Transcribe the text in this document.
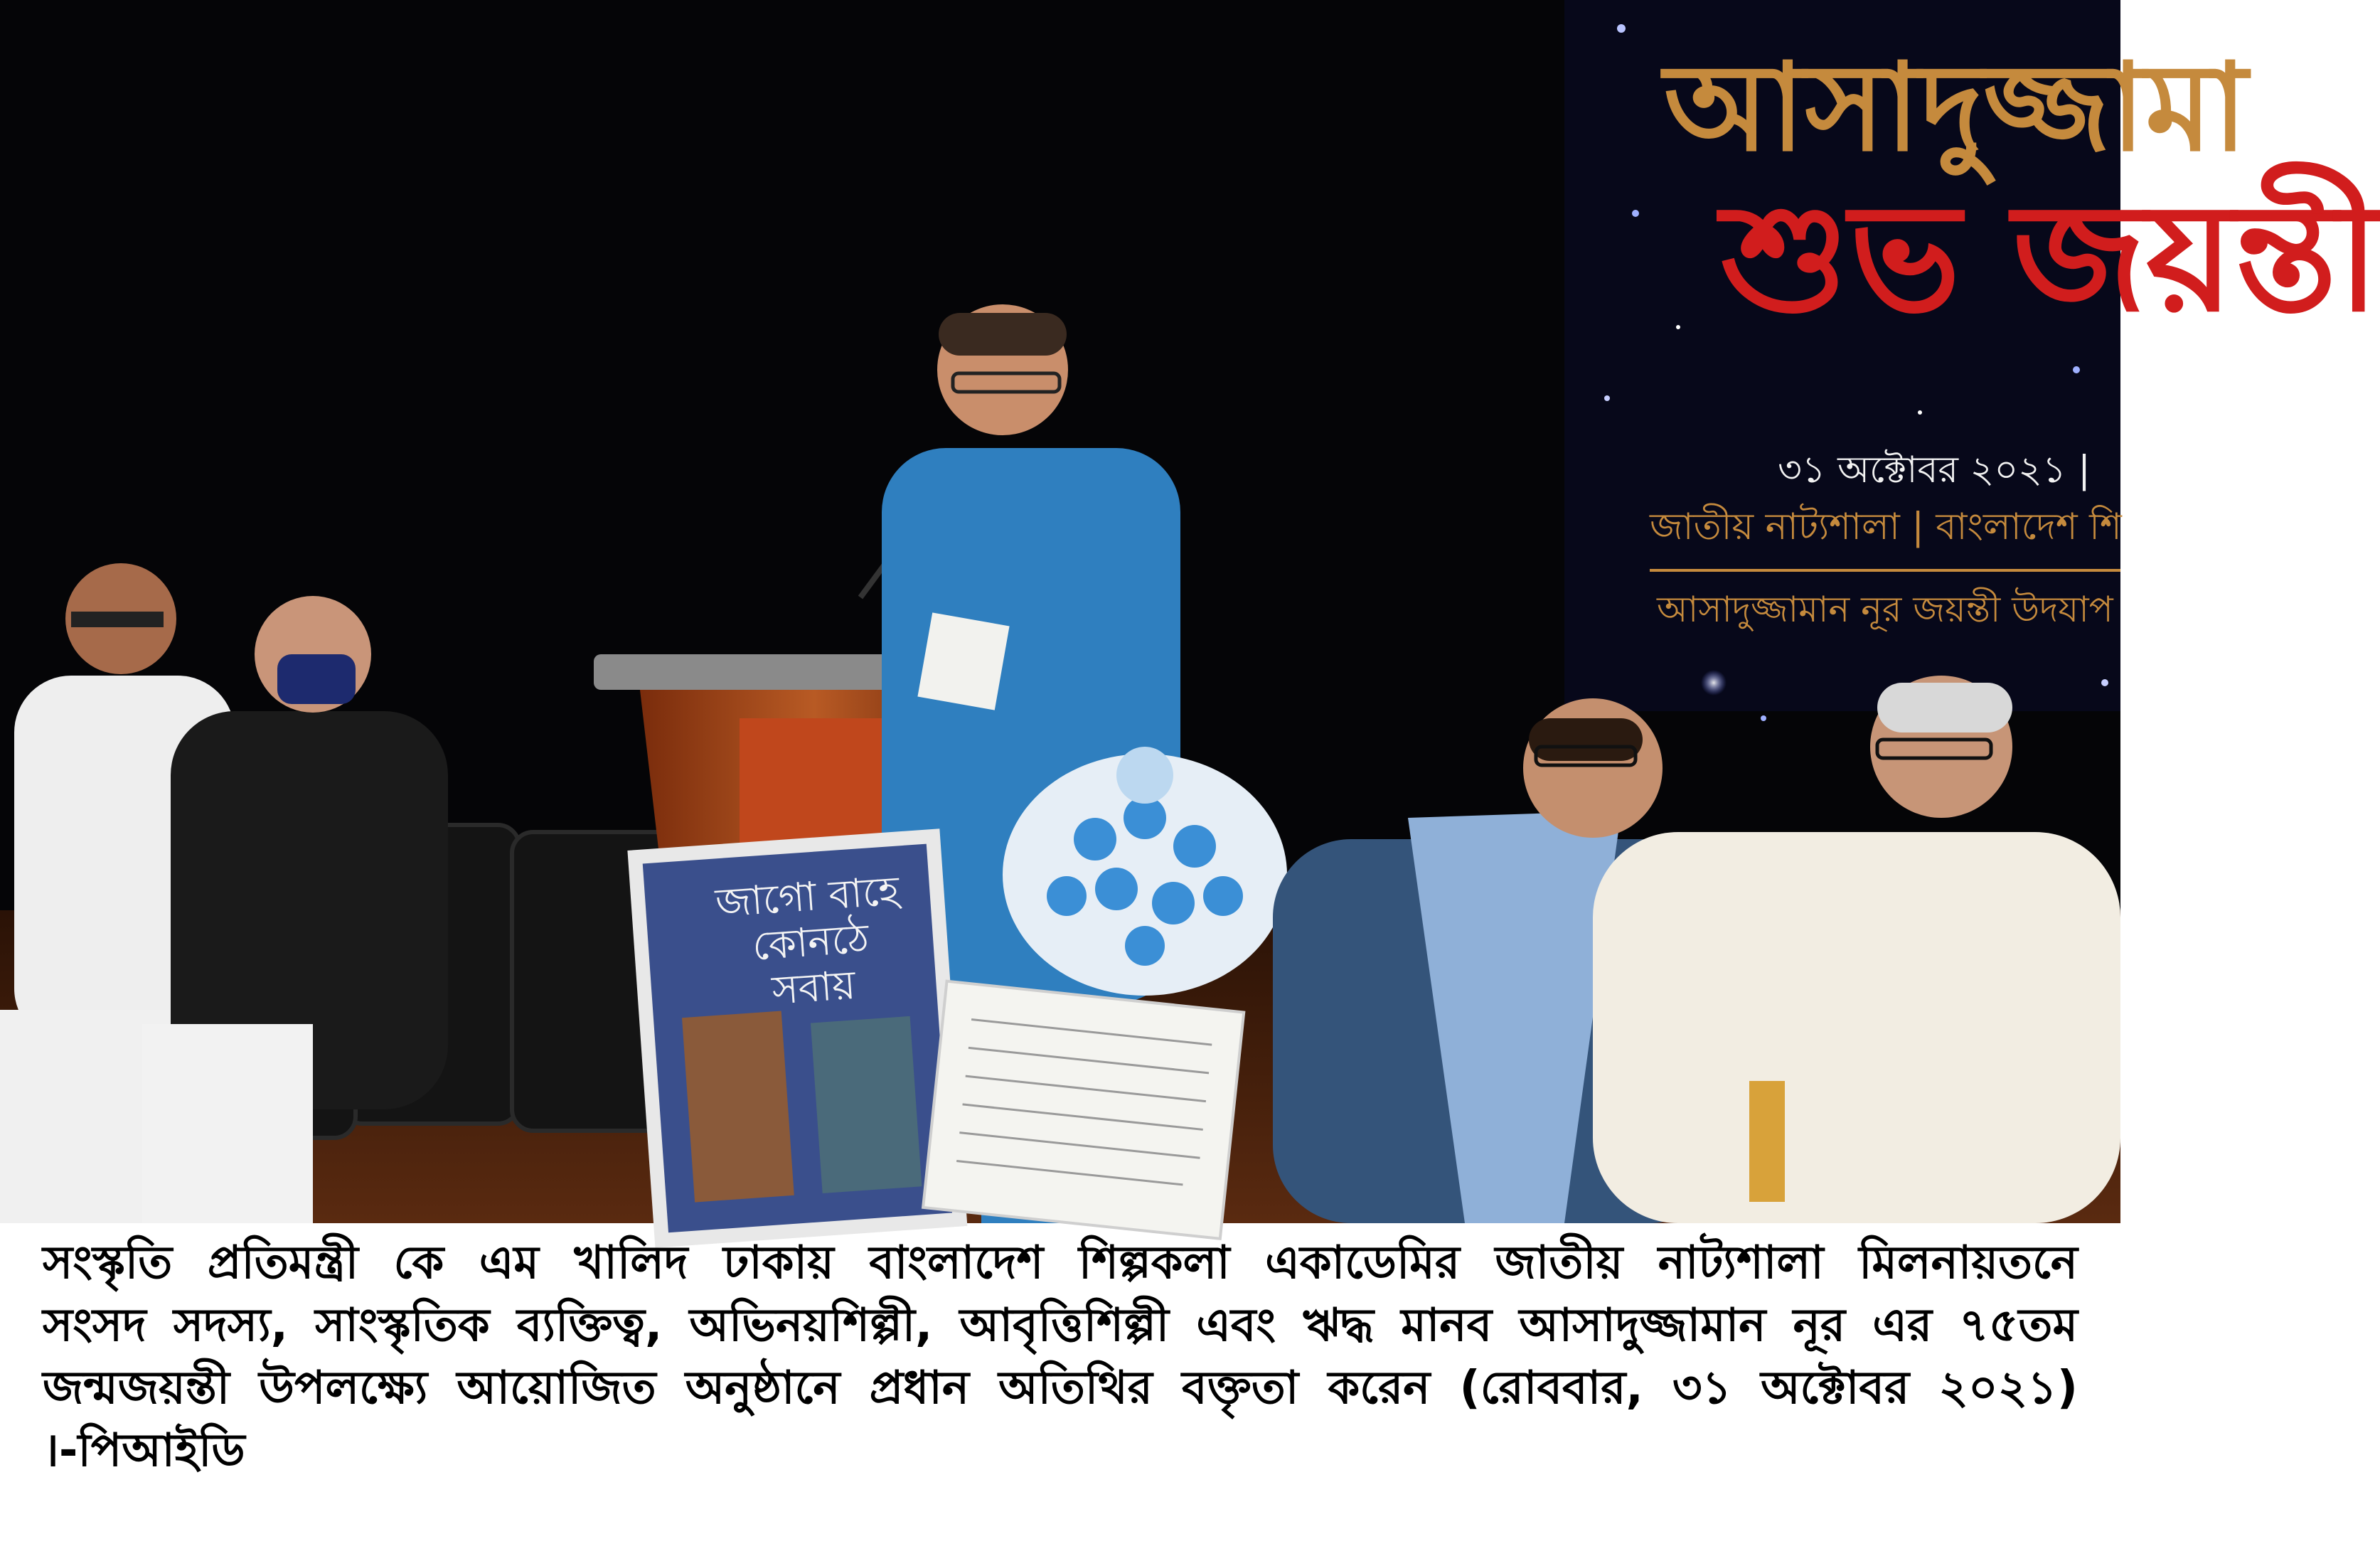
আসাদুজ্জামা
শুভ জয়ন্তী
৩১ অক্টোবর ২০২১ |
জাতীয় নাট্যশালা | বাংলাদেশ শি
আসাদুজ্জামান নূর জয়ন্তী উদযাপ
জাগো বাহে কোনঠে সবায়
সংস্কৃতি প্রতিমন্ত্রী কে এম খালিদ ঢাকায় বাংলাদেশ শিল্পকলা একাডেমির জাতীয় নাট্যশালা মিলনায়তনে সংসদ সদস্য, সাংস্কৃতিক ব্যক্তিত্ব, অভিনয়শিল্পী, আবৃত্তিশিল্পী এবং ঋদ্ধ মানব আসাদুজ্জামান নূর এর ৭৫তম জন্মজয়ন্তী উপলক্ষ্যে আয়োজিত অনুষ্ঠানে প্রধান অতিথির বক্তৃতা করেন (রোববার, ৩১ অক্টোবর ২০২১) ।-পিআইডি
